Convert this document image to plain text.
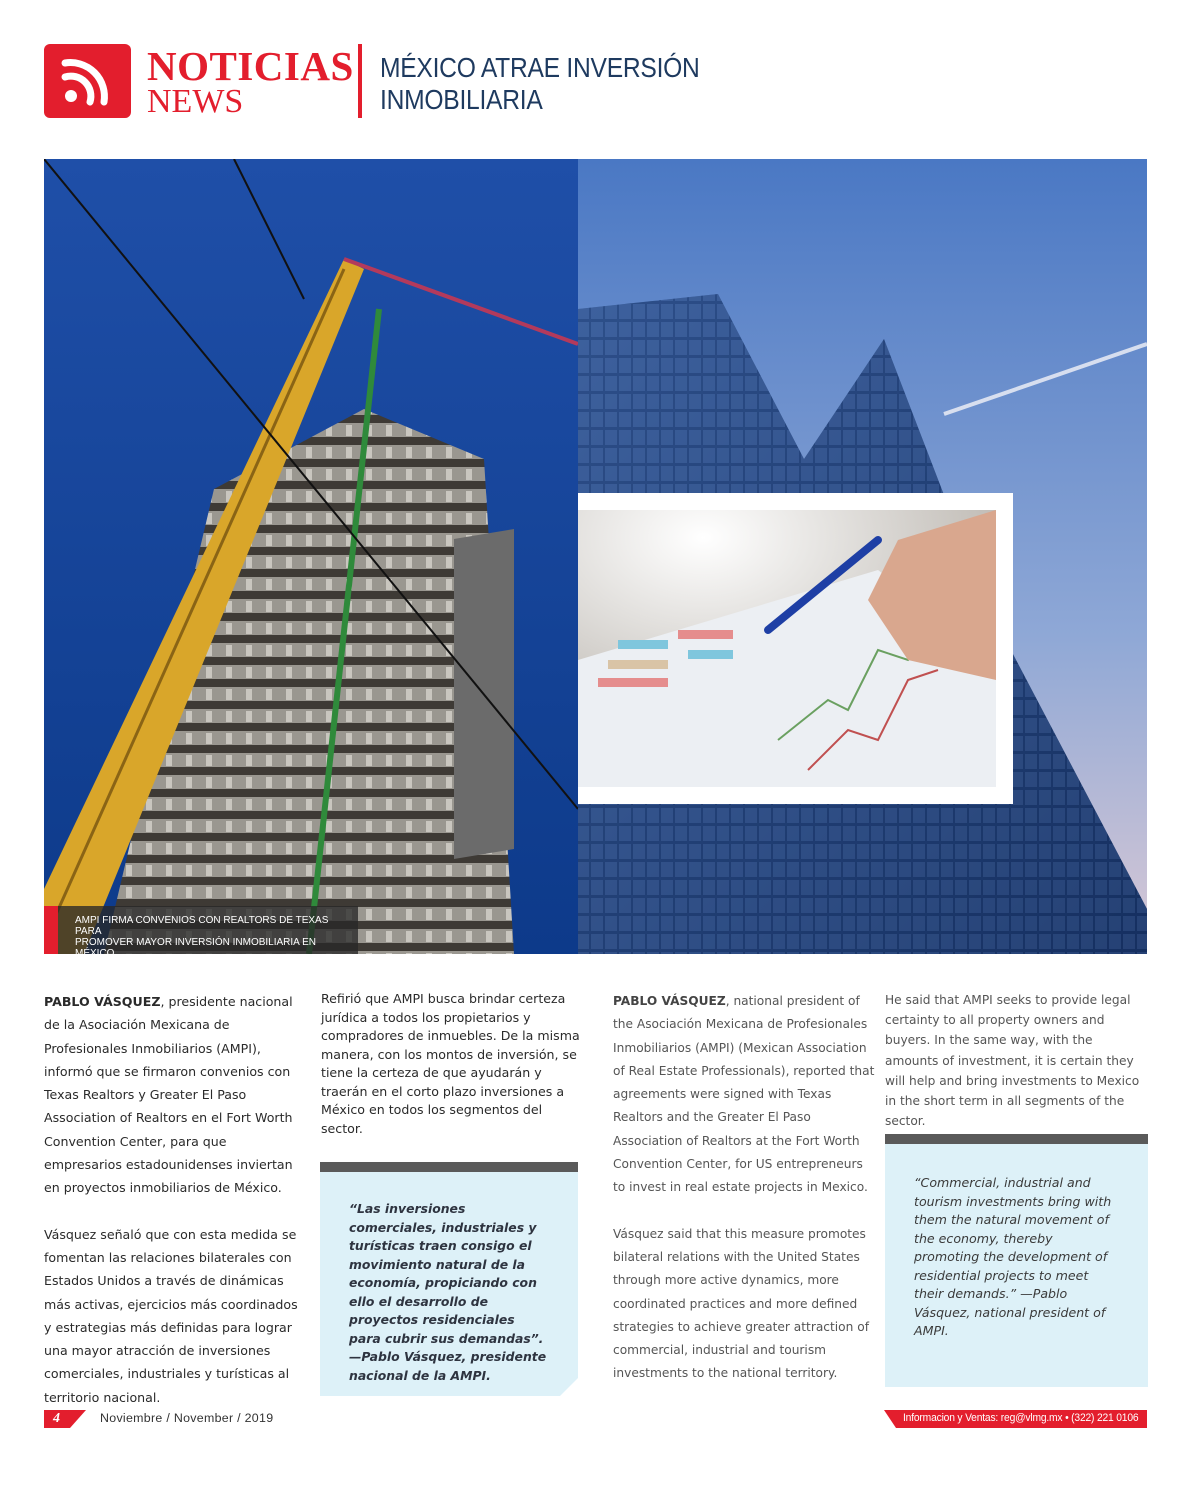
NOTICIAS
NEWS
MÉXICO ATRAE INVERSIÓN
INMOBILIARIA
AMPI FIRMA CONVENIOS CON REALTORS DE TEXAS PARA
PROMOVER MAYOR INVERSIÓN INMOBILIARIA EN MÉXICO.

PABLO VÁSQUEZ, presidente nacional de la Asociación Mexicana de Profesionales Inmobiliarios (AMPI), informó que se firmaron convenios con Texas Realtors y Greater El Paso Association of Realtors en el Fort Worth Convention Center, para que empresarios estadounidenses inviertan en proyectos inmobiliarios de México.

Vásquez señaló que con esta medida se fomentan las relaciones bilaterales con Estados Unidos a través de dinámicas más activas, ejercicios más coordinados y estrategias más definidas para lograr una mayor atracción de inversiones comerciales, industriales y turísticas al territorio nacional.

Refirió que AMPI busca brindar certeza jurídica a todos los propietarios y compradores de inmuebles. De la misma manera, con los montos de inversión, se tiene la certeza de que ayudarán y traerán en el corto plazo inversiones a México en todos los segmentos del sector.

“Las inversiones comerciales, industriales y turísticas traen consigo el movimiento natural de la economía, propiciando con ello el desarrollo de proyectos residenciales para cubrir sus demandas”. —Pablo Vásquez, presidente nacional de la AMPI.

PABLO VÁSQUEZ, national president of the Asociación Mexicana de Profesionales Inmobiliarios (AMPI) (Mexican Association of Real Estate Professionals), reported that agreements were signed with Texas Realtors and the Greater El Paso Association of Realtors at the Fort Worth Convention Center, for US entrepreneurs to invest in real estate projects in Mexico.

Vásquez said that this measure promotes bilateral relations with the United States through more active dynamics, more coordinated practices and more defined strategies to achieve greater attraction of commercial, industrial and tourism investments to the national territory.

He said that AMPI seeks to provide legal certainty to all property owners and buyers. In the same way, with the amounts of investment, it is certain they will help and bring investments to Mexico in the short term in all segments of the sector.

“Commercial, industrial and tourism investments bring with them the natural movement of the economy, thereby promoting the development of residential projects to meet their demands.” —Pablo Vásquez, national president of AMPI.
4	Noviembre / November / 2019	Informacion y Ventas: reg@vlmg.mx • (322) 221 0106
